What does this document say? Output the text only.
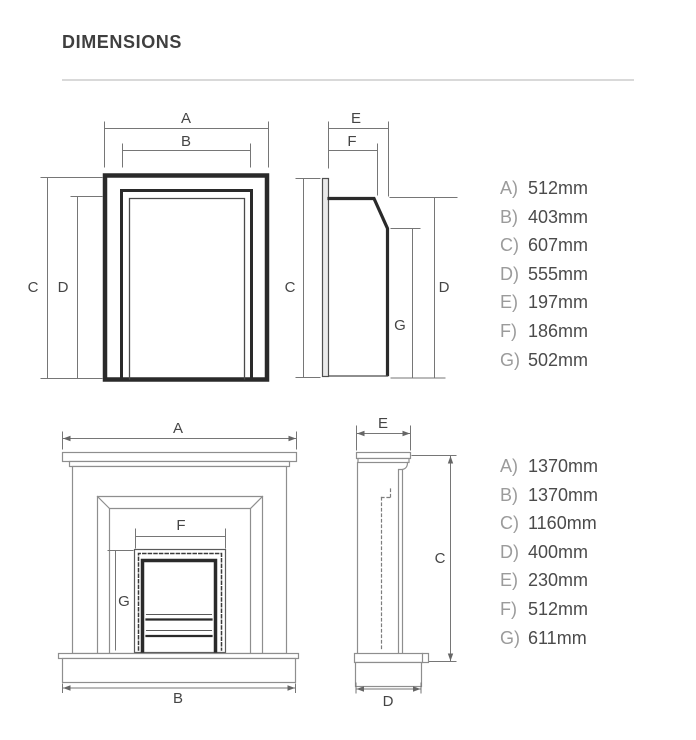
DIMENSIONS
A
B
C D
E
F
C	D
G
A
F
G
B
E
C
D
A) 512mm
B) 403mm
C) 607mm
D) 555mm
E) 197mm
F) 186mm
G) 502mm
A) 1370mm
B) 1370mm
C) 1160mm
D) 400mm
E) 230mm
F) 512mm
G) 611mm
